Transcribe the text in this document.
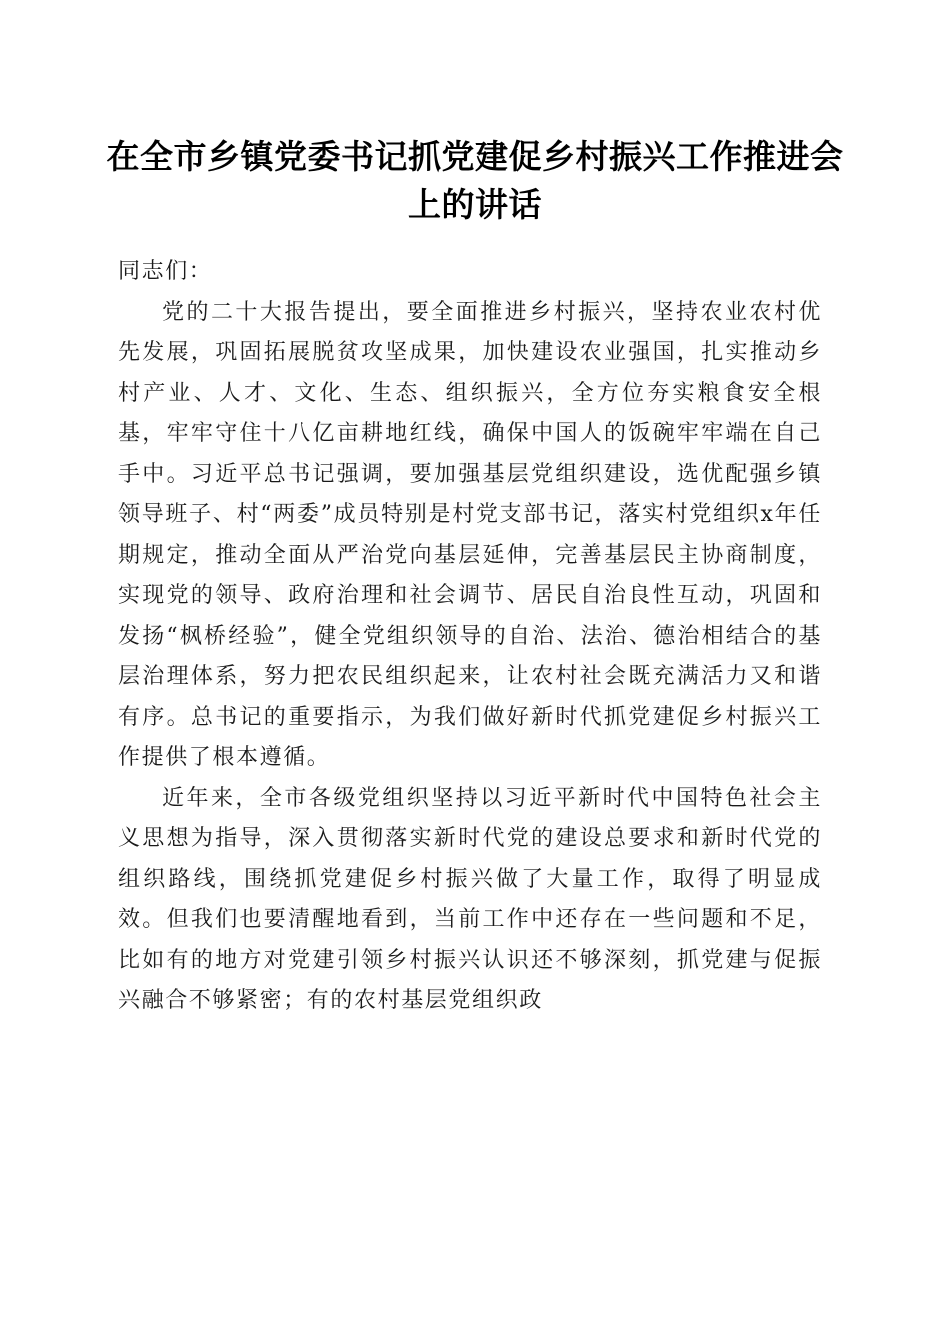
在全市乡镇党委书记抓党建促乡村振兴工作推进会上的讲话

同志们：

党的二十大报告提出，要全面推进乡村振兴，坚持农业农村优先发展，巩固拓展脱贫攻坚成果，加快建设农业强国，扎实推动乡村产业、人才、文化、生态、组织振兴，全方位夯实粮食安全根基，牢牢守住十八亿亩耕地红线，确保中国人的饭碗牢牢端在自己手中。习近平总书记强调，要加强基层党组织建设，选优配强乡镇领导班子、村“两委”成员特别是村党支部书记，落实村党组织x年任期规定，推动全面从严治党向基层延伸，完善基层民主协商制度，实现党的领导、政府治理和社会调节、居民自治良性互动，巩固和发扬“枫桥经验”，健全党组织领导的自治、法治、德治相结合的基层治理体系，努力把农民组织起来，让农村社会既充满活力又和谐有序。总书记的重要指示，为我们做好新时代抓党建促乡村振兴工作提供了根本遵循。

近年来，全市各级党组织坚持以习近平新时代中国特色社会主义思想为指导，深入贯彻落实新时代党的建设总要求和新时代党的组织路线，围绕抓党建促乡村振兴做了大量工作，取得了明显成效。但我们也要清醒地看到，当前工作中还存在一些问题和不足，比如有的地方对党建引领乡村振兴认识还不够深刻，抓党建与促振兴融合不够紧密；有的农村基层党组织政
